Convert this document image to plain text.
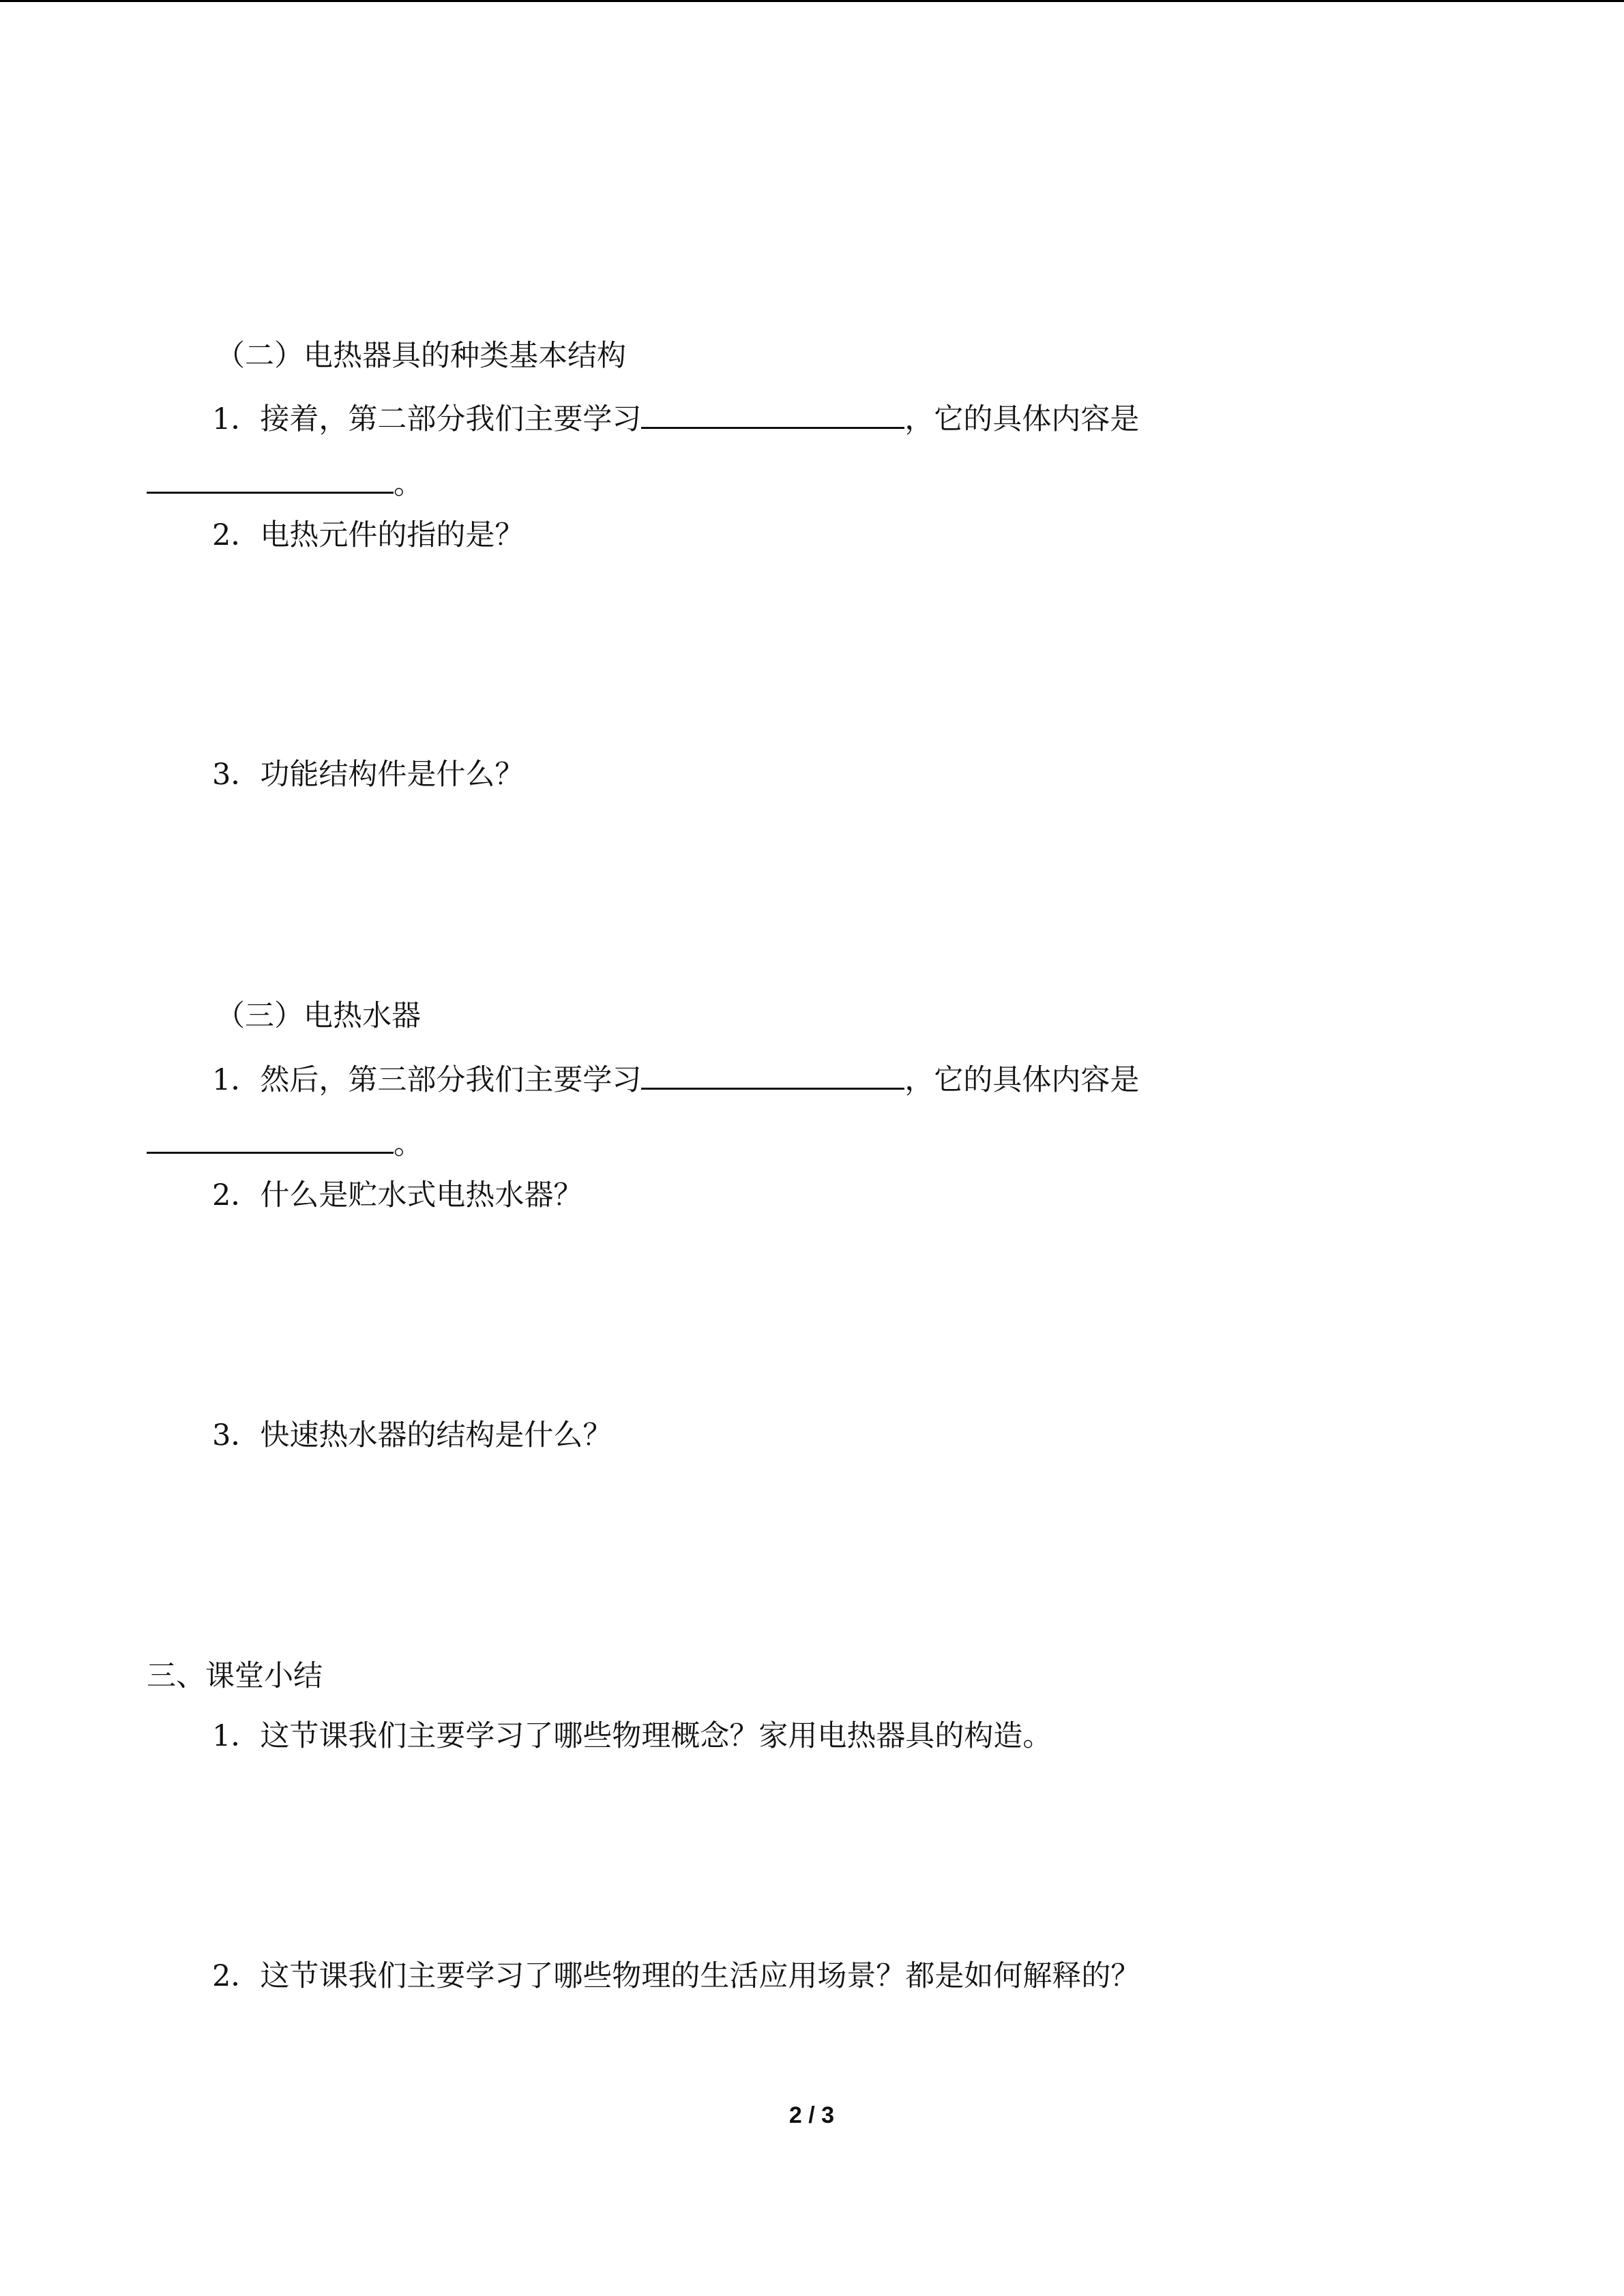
（二）电热器具的种类基本结构
1．接着，第二部分我们主要学习	，它的具体内容是
。
2．电热元件的指的是？
3．功能结构件是什么？
（三）电热水器
1．然后，第三部分我们主要学习	，它的具体内容是
。
2．什么是贮水式电热水器？
3．快速热水器的结构是什么？
三、课堂小结
1．这节课我们主要学习了哪些物理概念？家用电热器具的构造。
2．这节课我们主要学习了哪些物理的生活应用场景？都是如何解释的？
2 / 3
